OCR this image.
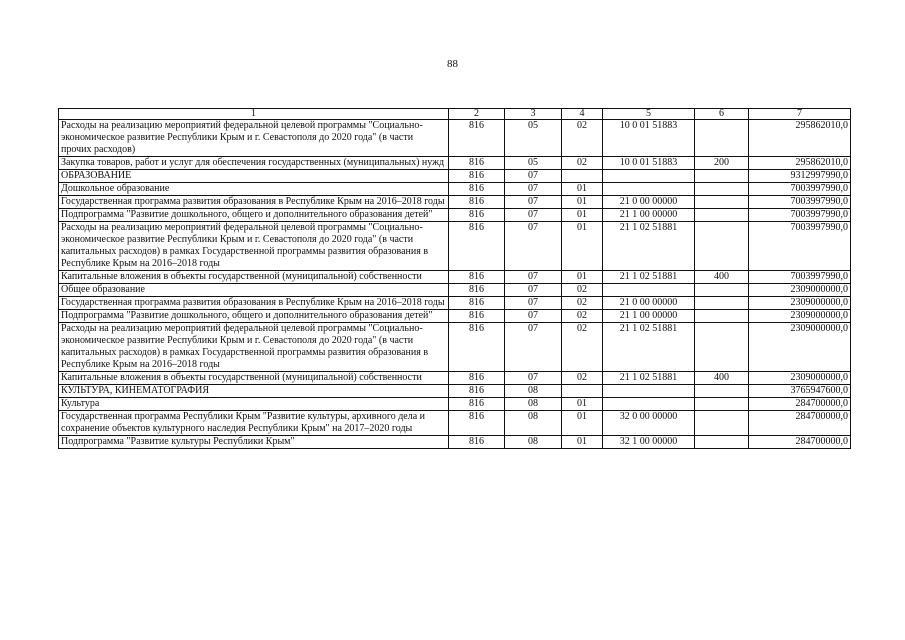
88
1	2	3	4	5	6	7
Расходы на реализацию мероприятий федеральной целевой программы "Социально-экономическое развитие Республики Крым и г. Севастополя до 2020 года" (в части прочих расходов)	816	05	02	10 0 01 51883		295862010,0
Закупка товаров, работ и услуг для обеспечения государственных (муниципальных) нужд	816	05	02	10 0 01 51883	200	295862010,0
ОБРАЗОВАНИЕ	816	07				9312997990,0
Дошкольное образование	816	07	01			7003997990,0
Государственная программа развития образования в Республике Крым на 2016–2018 годы	816	07	01	21 0 00 00000		7003997990,0
Подпрограмма "Развитие дошкольного, общего и дополнительного образования детей"	816	07	01	21 1 00 00000		7003997990,0
Расходы на реализацию мероприятий федеральной целевой программы "Социально-экономическое развитие Республики Крым и г. Севастополя до 2020 года" (в части капитальных расходов) в рамках Государственной программы развития образования в Республике Крым на 2016–2018 годы	816	07	01	21 1 02 51881		7003997990,0
Капитальные вложения в объекты государственной (муниципальной) собственности	816	07	01	21 1 02 51881	400	7003997990,0
Общее образование	816	07	02			2309000000,0
Государственная программа развития образования в Республике Крым на 2016–2018 годы	816	07	02	21 0 00 00000		2309000000,0
Подпрограмма "Развитие дошкольного, общего и дополнительного образования детей"	816	07	02	21 1 00 00000		2309000000,0
Расходы на реализацию мероприятий федеральной целевой программы "Социально-экономическое развитие Республики Крым и г. Севастополя до 2020 года" (в части капитальных расходов) в рамках Государственной программы развития образования в Республике Крым на 2016–2018 годы	816	07	02	21 1 02 51881		2309000000,0
Капитальные вложения в объекты государственной (муниципальной) собственности	816	07	02	21 1 02 51881	400	2309000000,0
КУЛЬТУРА, КИНЕМАТОГРАФИЯ	816	08				3765947600,0
Культура	816	08	01			284700000,0
Государственная программа Республики Крым "Развитие культуры, архивного дела и сохранение объектов культурного наследия Республики Крым" на 2017–2020 годы	816	08	01	32 0 00 00000		284700000,0
Подпрограмма "Развитие культуры Республики Крым"	816	08	01	32 1 00 00000		284700000,0
